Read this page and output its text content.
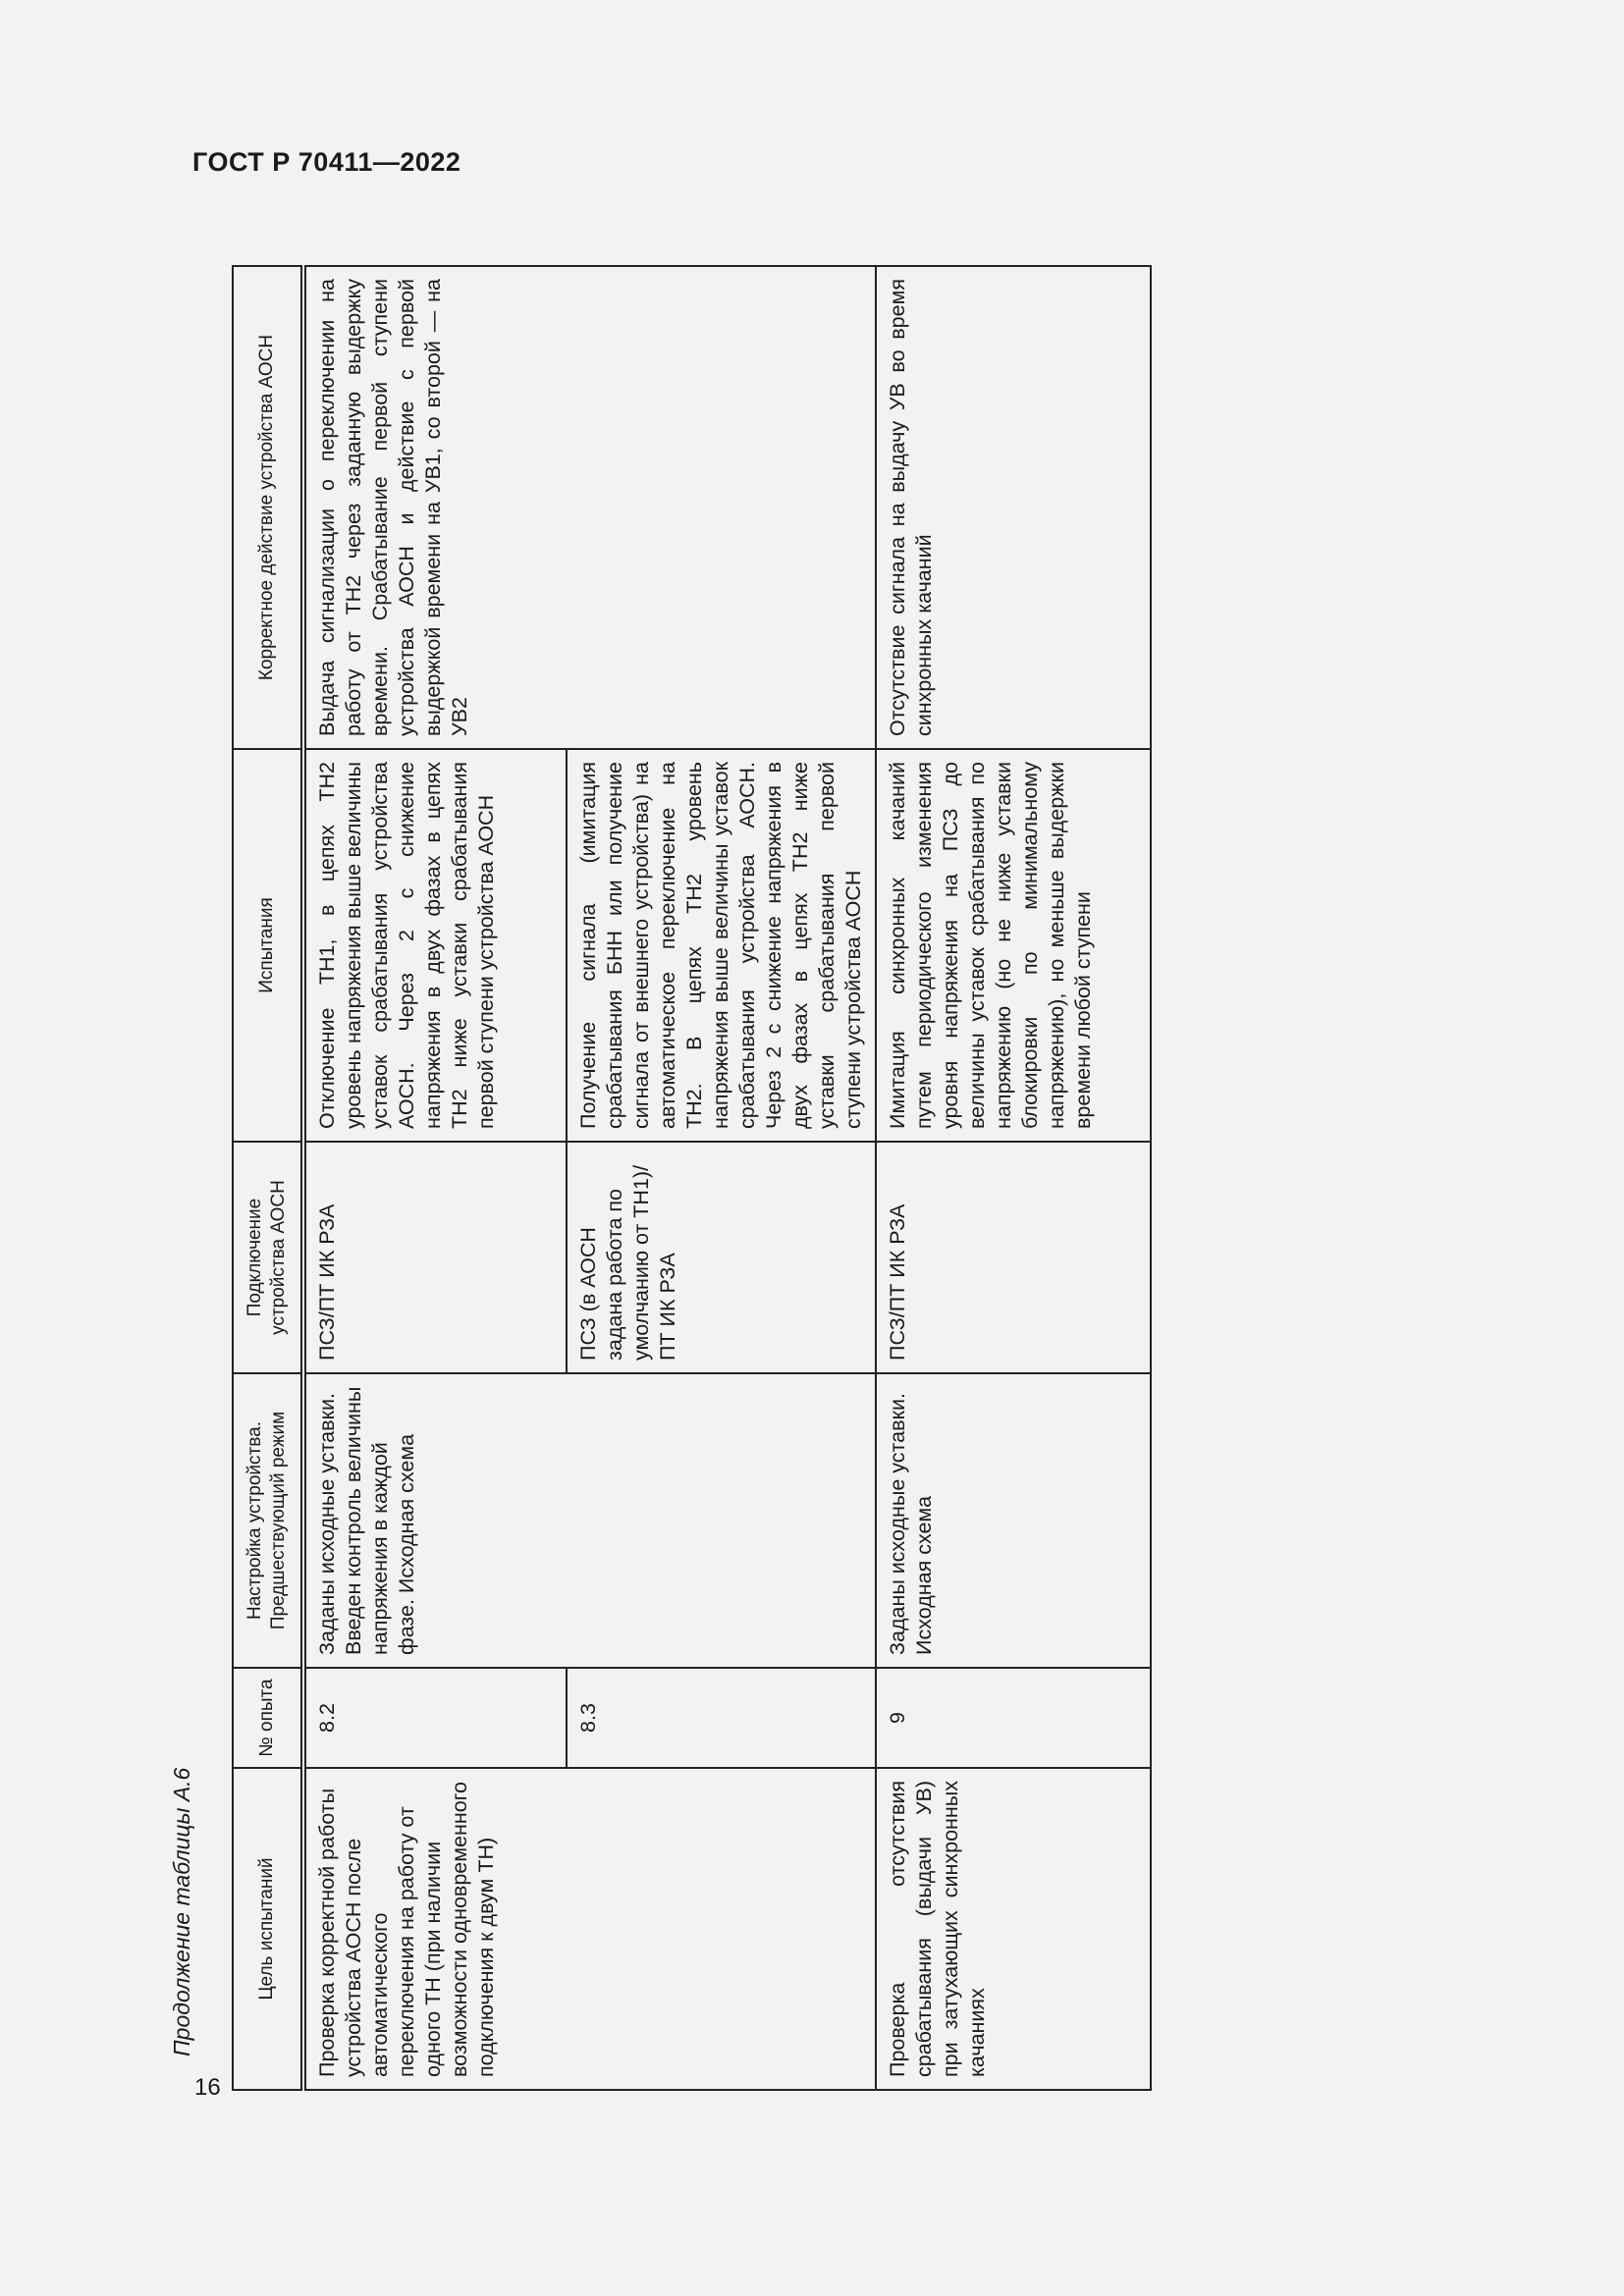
ГОСТ Р 70411—2022
16
Продолжение таблицы А.6	Цель испытаний	№ опыта	Настройка устройства. Предшествующий режим	Подключение устройства АОСН	Испытания	Корректное действие устройства АОСН
Проверка корректной работы устройства АОСН после автоматического переключения на работу от одного ТН (при наличии возможности одновременного подключения к двум ТН)	8.2	Заданы исходные уставки. Введен контроль величины напряжения в каждой фазе. Исходная схема	ПСЗ/ПТ ИК РЗА	Отключение ТН1, в цепях ТН2 уровень напряжения выше величины уставок срабатывания устройства АОСН. Через 2 с снижение напряжения в двух фазах в цепях ТН2 ниже уставки срабатывания первой ступени устройства АОСН	Выдача сигнализации о переключении на работу от ТН2 через заданную выдержку времени. Срабатывание первой ступени устройства АОСН и действие с первой выдержкой времени на УВ1, со второй — на УВ2
	8.3		ПСЗ (в АОСН задана работа по умолчанию от ТН1)/ПТ ИК РЗА	Получение сигнала (имитация срабатывания БНН или получение сигнала от внешнего устройства) на автоматическое переключение на ТН2. В цепях ТН2 уровень напряжения выше величины уставок срабатывания устройства АОСН. Через 2 с снижение напряжения в двух фазах в цепях ТН2 ниже уставки срабатывания первой ступени устройства АОСН	
Проверка отсутствия срабатывания (выдачи УВ) при затухающих синхронных качаниях	9	Заданы исходные уставки. Исходная схема	ПСЗ/ПТ ИК РЗА	Имитация синхронных качаний путем периодического изменения уровня напряжения на ПСЗ до величины уставок срабатывания по напряжению (но не ниже уставки блокировки по минимальному напряжению), но меньше выдержки времени любой ступени	Отсутствие сигнала на выдачу УВ во время синхронных качаний
